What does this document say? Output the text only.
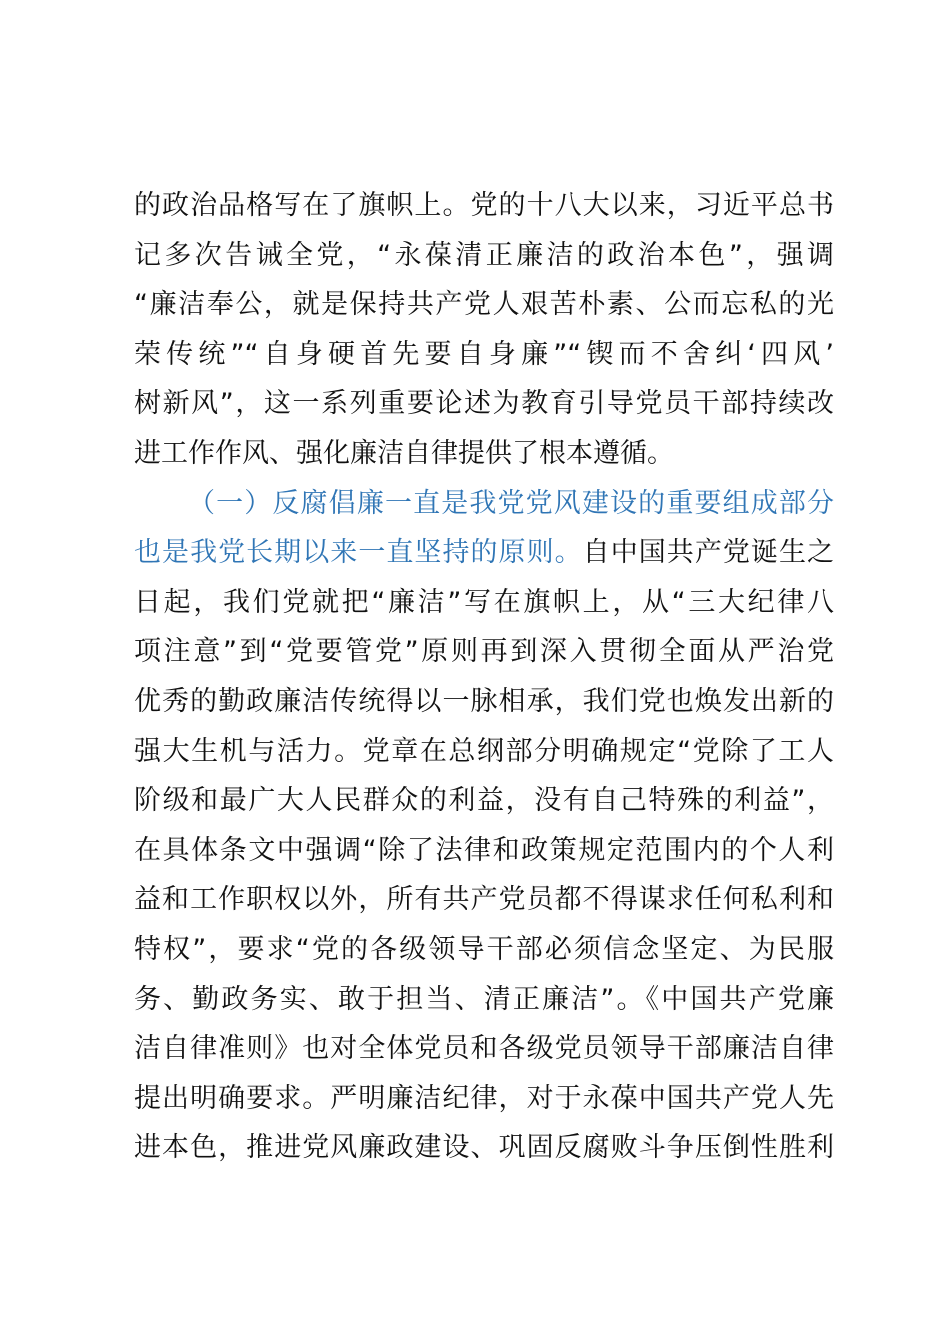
的政治品格写在了旗帜上。党的十八大以来，习近平总书
记多次告诫全党，“永葆清正廉洁的政治本色”，强调
“廉洁奉公，就是保持共产党人艰苦朴素、公而忘私的光
荣传统”“自身硬首先要自身廉”“锲而不舍纠‘四风’
树新风”，这一系列重要论述为教育引导党员干部持续改
进工作作风、强化廉洁自律提供了根本遵循。
（一）反腐倡廉一直是我党党风建设的重要组成部分
也是我党长期以来一直坚持的原则。自中国共产党诞生之
日起，我们党就把“廉洁”写在旗帜上，从“三大纪律八
项注意”到“党要管党”原则再到深入贯彻全面从严治党
优秀的勤政廉洁传统得以一脉相承，我们党也焕发出新的
强大生机与活力。党章在总纲部分明确规定“党除了工人
阶级和最广大人民群众的利益，没有自己特殊的利益”，
在具体条文中强调“除了法律和政策规定范围内的个人利
益和工作职权以外，所有共产党员都不得谋求任何私利和
特权”，要求“党的各级领导干部必须信念坚定、为民服
务、勤政务实、敢于担当、清正廉洁”。《中国共产党廉
洁自律准则》也对全体党员和各级党员领导干部廉洁自律
提出明确要求。严明廉洁纪律，对于永葆中国共产党人先
进本色，推进党风廉政建设、巩固反腐败斗争压倒性胜利
